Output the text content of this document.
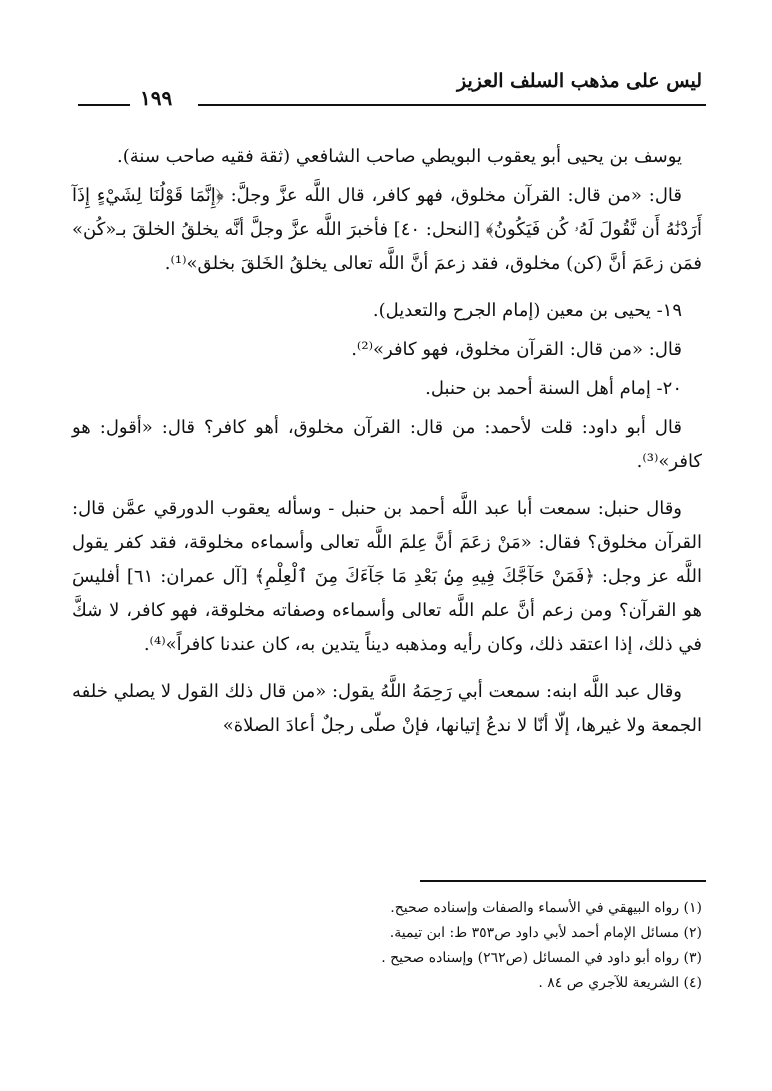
ليس على مذهب السلف العزيز
١٩٩

يوسف بن يحيى أبو يعقوب البويطي صاحب الشافعي (ثقة فقيه صاحب سنة).

قال: «من قال: القرآن مخلوق، فهو كافر، قال اللَّه عزَّ وجلَّ: ﴿إِنَّمَا قَوْلُنَا لِشَيْءٍ إِذَآ أَرَدْنَٰهُ أَن نَّقُولَ لَهُۥ كُن فَيَكُونُ﴾ [النحل: ٤٠] فأخبرَ اللَّه عزَّ وجلَّ أنَّه يخلقُ الخلقَ بـ«كُن» فمَن زعَمَ أنَّ (كن) مخلوق، فقد زعمَ أنَّ اللَّه تعالى يخلقُ الخَلقَ بخلق»⁽¹⁾.

١٩- يحيى بن معين (إمام الجرح والتعديل).

قال: «من قال: القرآن مخلوق، فهو كافر»⁽²⁾.

٢٠- إمام أهل السنة أحمد بن حنبل.

قال أبو داود: قلت لأحمد: من قال: القرآن مخلوق، أهو كافر؟ قال: «أقول: هو كافر»⁽³⁾.

وقال حنبل: سمعت أبا عبد اللَّه أحمد بن حنبل - وسأله يعقوب الدورقي عمَّن قال: القرآن مخلوق؟ فقال: «مَنْ زعَمَ أنَّ عِلمَ اللَّه تعالى وأسماءه مخلوقة، فقد كفر يقول اللَّه عز وجل: ﴿فَمَنْ حَآجَّكَ فِيهِ مِنۢ بَعْدِ مَا جَآءَكَ مِنَ ٱلْعِلْمِ﴾ [آل عمران: ٦١] أفليسَ هو القرآن؟ ومن زعم أنَّ علم اللَّه تعالى وأسماءه وصفاته مخلوقة، فهو كافر، لا شكَّ في ذلك، إذا اعتقد ذلك، وكان رأيه ومذهبه ديناً يتدين به، كان عندنا كافراً»⁽⁴⁾.

وقال عبد اللَّه ابنه: سمعت أبي رَحِمَهُ اللَّهُ يقول: «من قال ذلك القول لا يصلي خلفه الجمعة ولا غيرها، إلّا أنّا لا ندعُ إتيانها، فإنْ صلّى رجلٌ أعادَ الصلاة»

(١) رواه البيهقي في الأسماء والصفات وإسناده صحيح.
(٢) مسائل الإمام أحمد لأبي داود ص٣٥٣ ط: ابن تيمية.
(٣) رواه أبو داود في المسائل (ص٢٦٢) وإسناده صحيح .
(٤) الشريعة للآجري ص ٨٤ .
